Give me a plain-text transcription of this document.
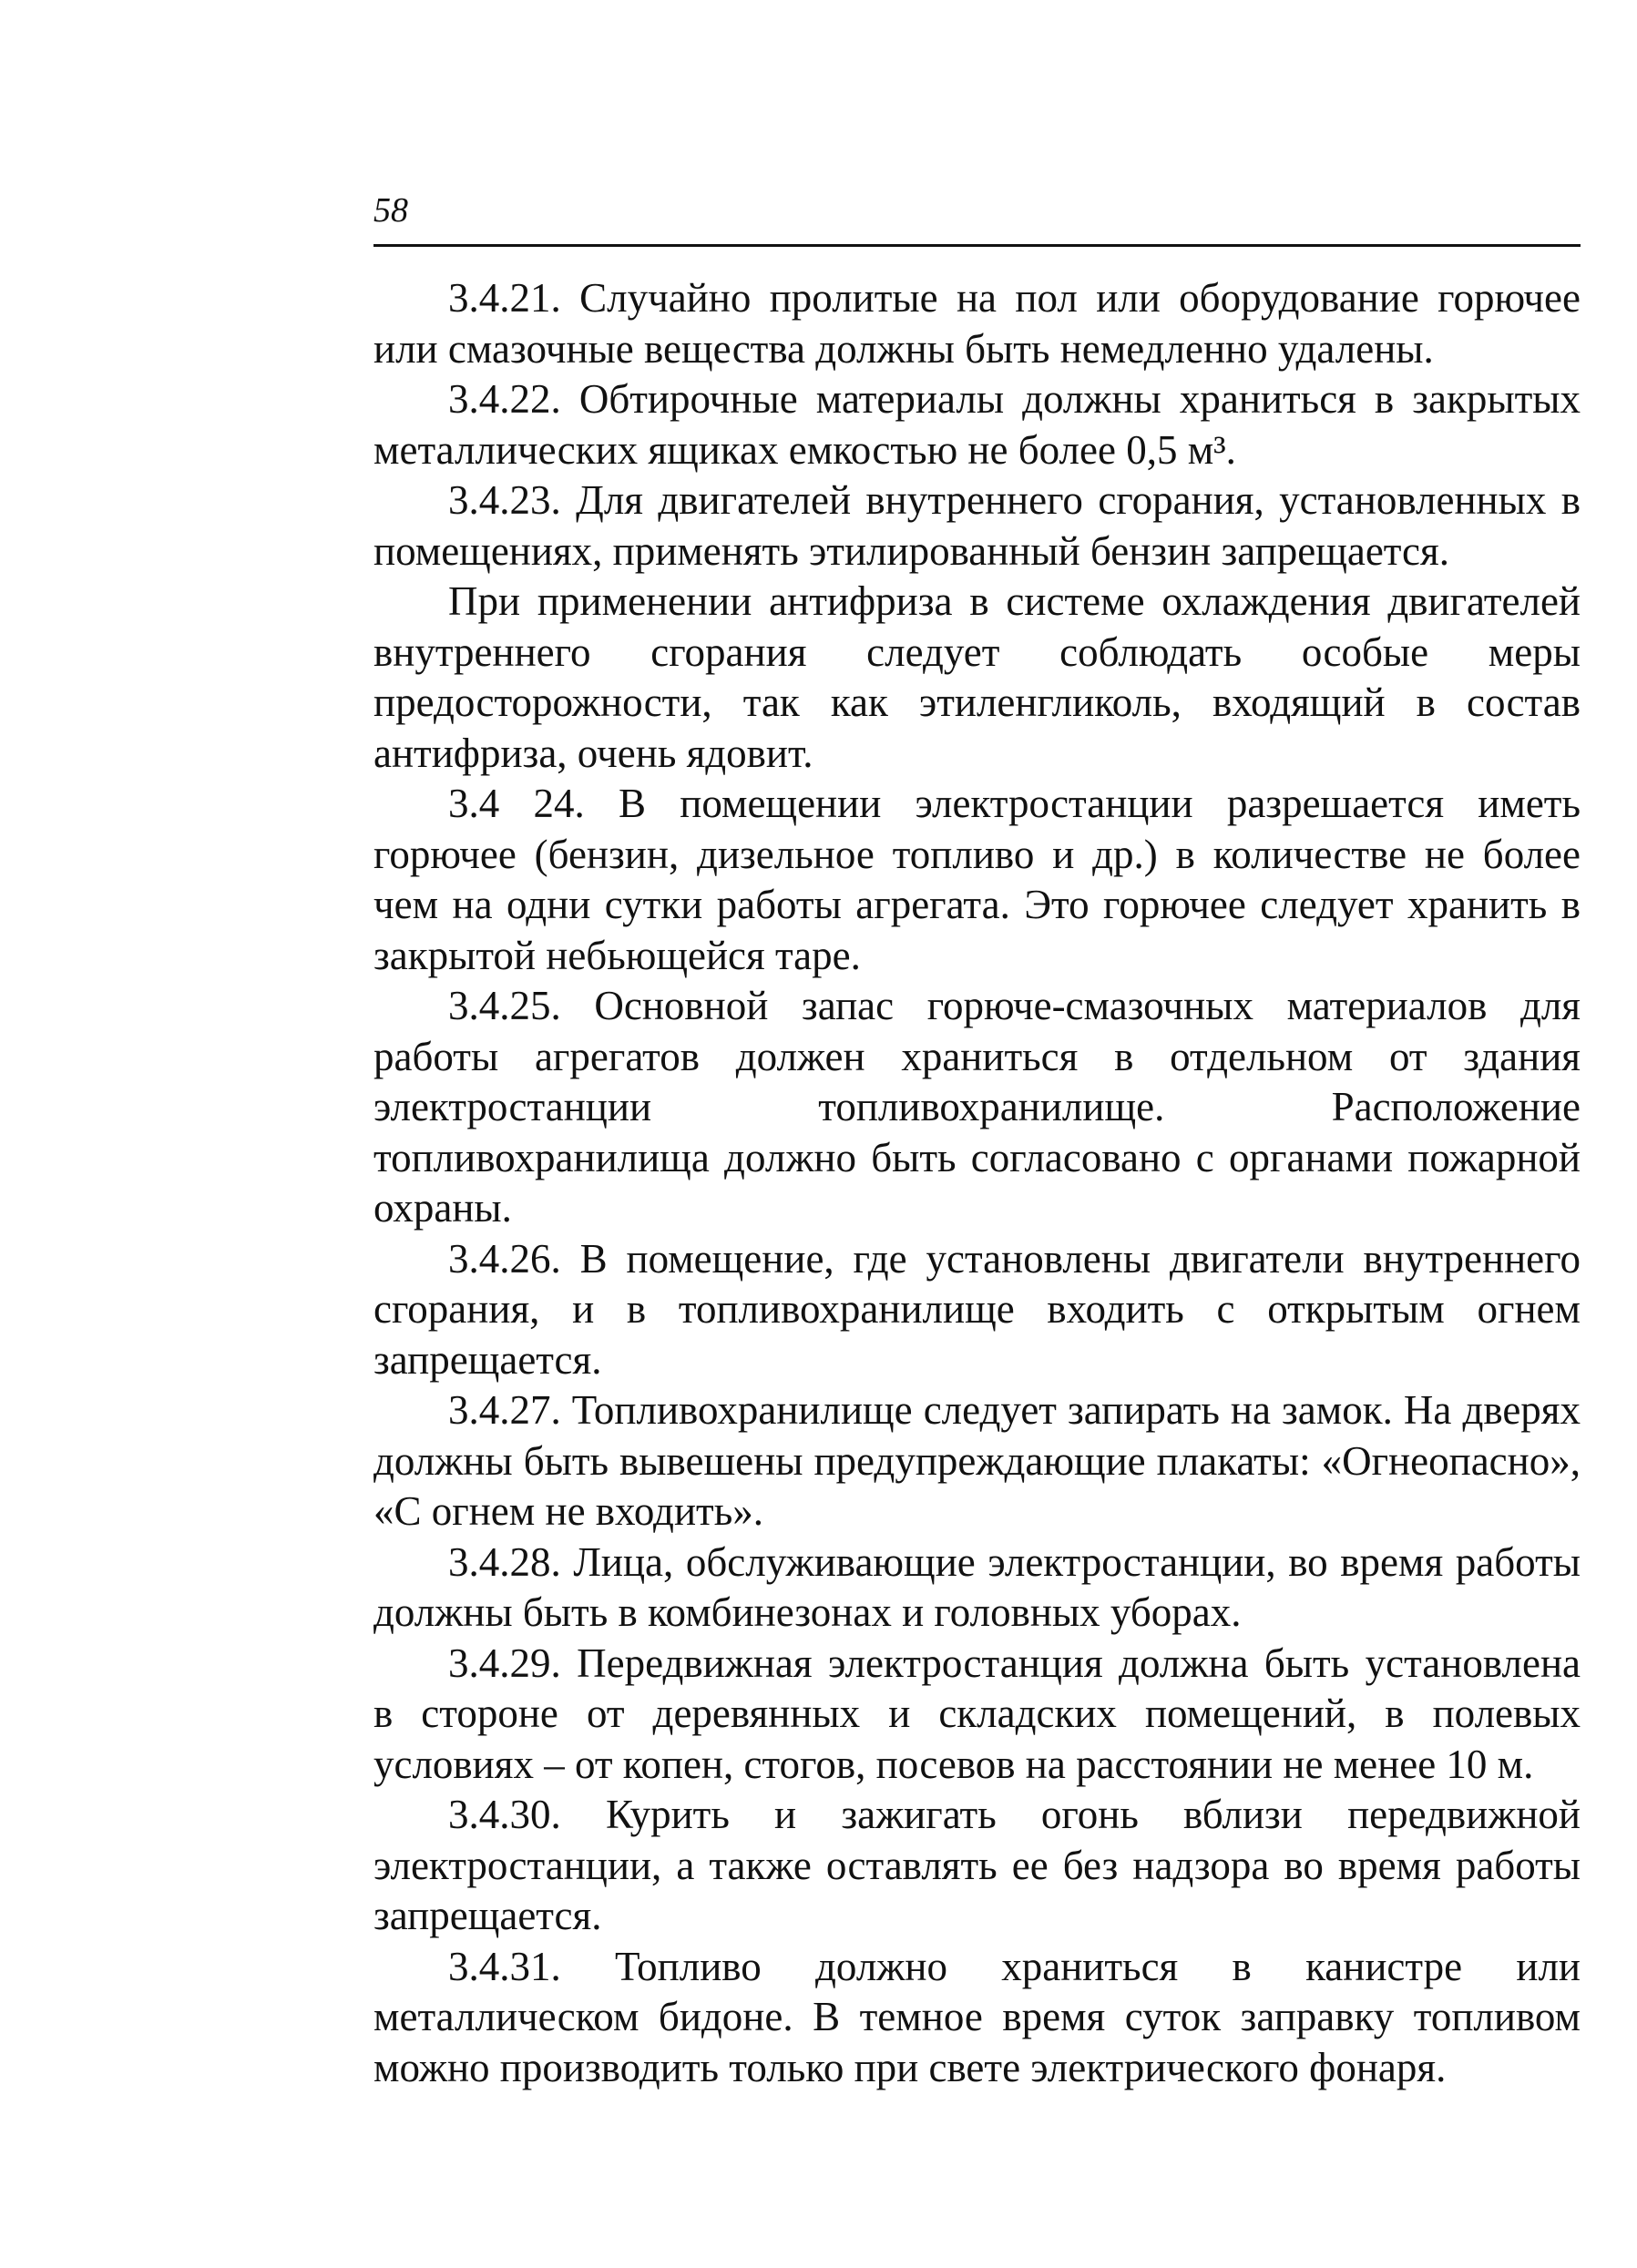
58

3.4.21. Случайно пролитые на пол или оборудование горючее или смазочные вещества должны быть немедленно удалены.

3.4.22. Обтирочные материалы должны храниться в закрытых металлических ящиках емкостью не более 0,5 м³.

3.4.23. Для двигателей внутреннего сгорания, установленных в помещениях, применять этилированный бензин запрещается.

При применении антифриза в системе охлаждения двигателей внутреннего сгорания следует соблюдать особые меры предосторожности, так как этиленгликоль, входящий в состав антифриза, очень ядовит.

3.4 24. В помещении электростанции разрешается иметь горючее (бензин, дизельное топливо и др.) в количестве не более чем на одни сутки работы агрегата. Это горючее следует хранить в закрытой небьющейся таре.

3.4.25. Основной запас горюче-смазочных материалов для работы агрегатов должен храниться в отдельном от здания электростанции топливохранилище. Расположение топливохранилища должно быть согласовано с органами пожарной охраны.

3.4.26. В помещение, где установлены двигатели внутреннего сгорания, и в топливохранилище входить с открытым огнем запрещается.

3.4.27. Топливохранилище следует запирать на замок. На дверях должны быть вывешены предупреждающие плакаты: «Огнеопасно», «С огнем не входить».

3.4.28. Лица, обслуживающие электростанции, во время работы должны быть в комбинезонах и головных уборах.

3.4.29. Передвижная электростанция должна быть установлена в стороне от деревянных и складских помещений, в полевых условиях – от копен, стогов, посевов на расстоянии не менее 10 м.

3.4.30. Курить и зажигать огонь вблизи передвижной электростанции, а также оставлять ее без надзора во время работы запрещается.

3.4.31. Топливо должно храниться в канистре или металлическом бидоне. В темное время суток заправку топливом можно производить только при свете электрического фонаря.
